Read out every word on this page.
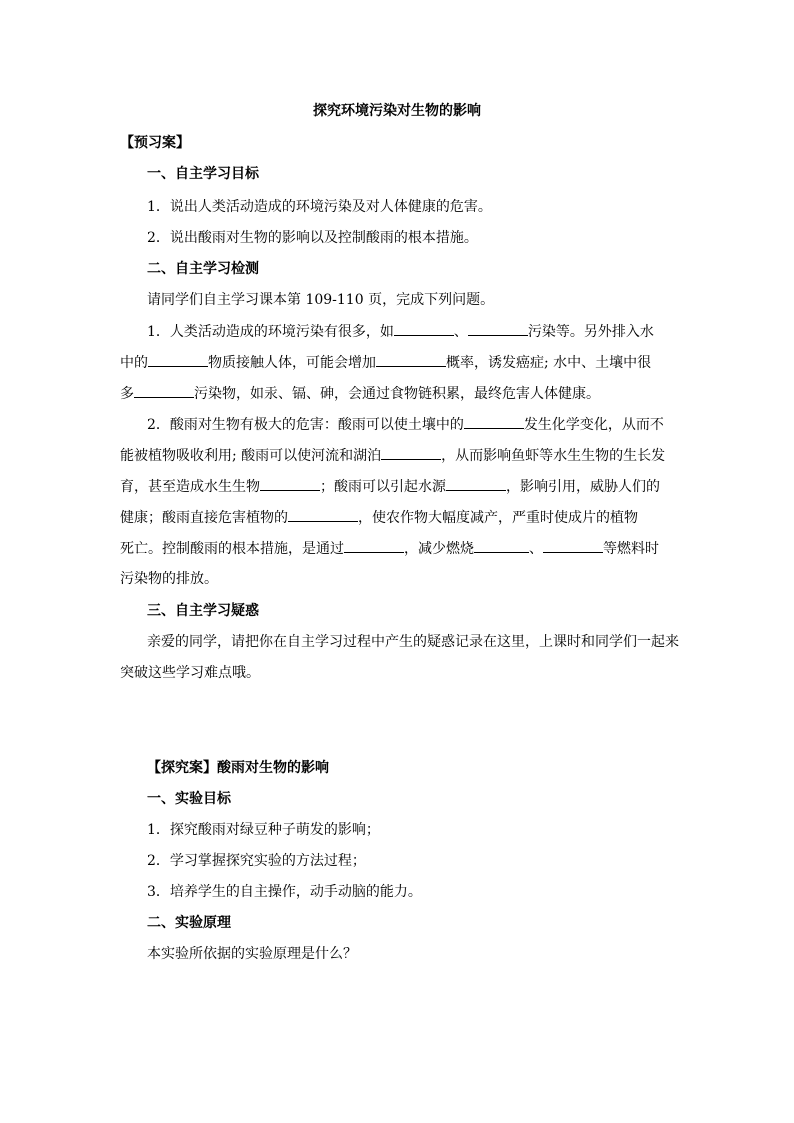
探究环境污染对生物的影响
【预习案】
一、自主学习目标
1．说出人类活动造成的环境污染及对人体健康的危害。
2．说出酸雨对生物的影响以及控制酸雨的根本措施。
二、自主学习检测
请同学们自主学习课本第 109-110 页，完成下列问题。
1．人类活动造成的环境污染有很多，如	、	污染等。另外排入水
中的	物质接触人体，可能会增加	概率，诱发癌症; 水中、土壤中很
多	污染物，如汞、镉、砷，会通过食物链积累，最终危害人体健康。
2．酸雨对生物有极大的危害：酸雨可以使土壤中的	发生化学变化，从而不
能被植物吸收利用; 酸雨可以使河流和湖泊	，从而影响鱼虾等水生生物的生长发
育，甚至造成水生生物	；酸雨可以引起水源	，影响引用，威胁人们的
健康；酸雨直接危害植物的	，使农作物大幅度减产，严重时使成片的植物
死亡。控制酸雨的根本措施，是通过	，减少燃烧	、	等燃料时
污染物的排放。
三、自主学习疑惑
亲爱的同学，请把你在自主学习过程中产生的疑惑记录在这里，上课时和同学们一起来
突破这些学习难点哦。
【探究案】酸雨对生物的影响
一、实验目标
1．探究酸雨对绿豆种子萌发的影响；
2．学习掌握探究实验的方法过程；
3．培养学生的自主操作，动手动脑的能力。
二、实验原理
本实验所依据的实验原理是什么？
